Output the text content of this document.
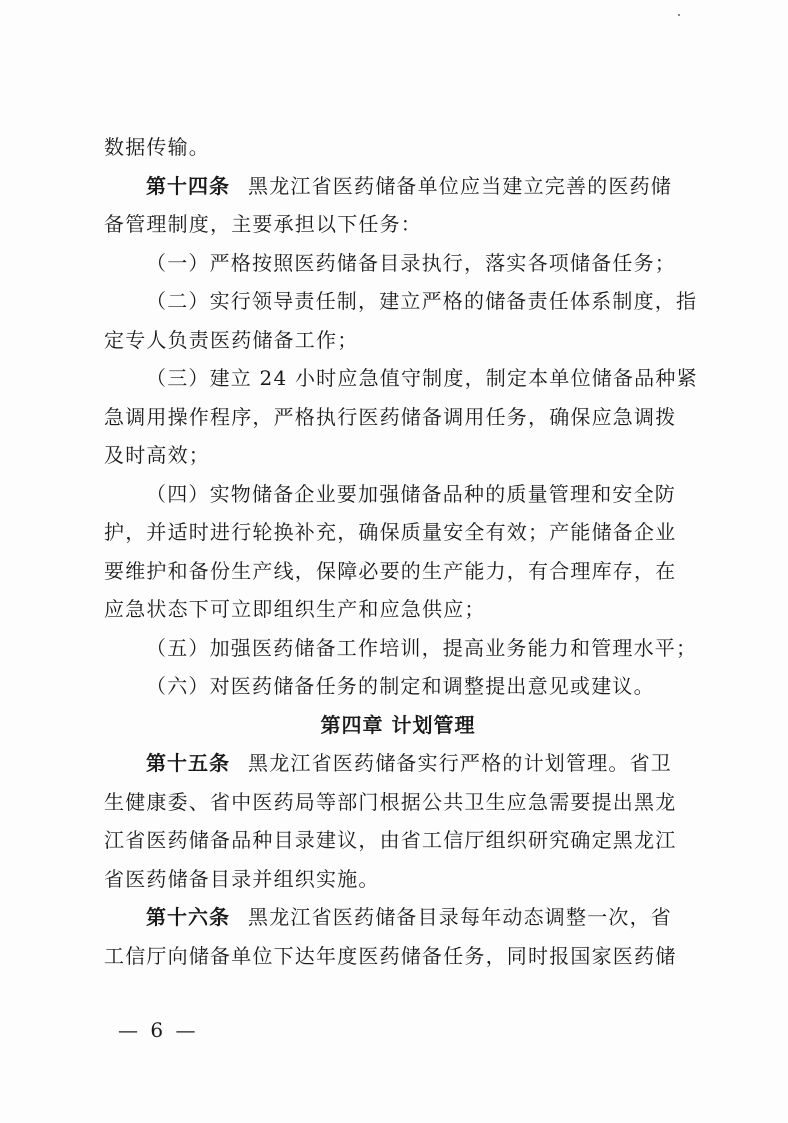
数据传输。
第十四条 黑龙江省医药储备单位应当建立完善的医药储
备管理制度，主要承担以下任务：
（一）严格按照医药储备目录执行，落实各项储备任务；
（二）实行领导责任制，建立严格的储备责任体系制度，指
定专人负责医药储备工作；
（三）建立 24 小时应急值守制度，制定本单位储备品种紧
急调用操作程序，严格执行医药储备调用任务，确保应急调拨
及时高效；
（四）实物储备企业要加强储备品种的质量管理和安全防
护，并适时进行轮换补充，确保质量安全有效；产能储备企业
要维护和备份生产线，保障必要的生产能力，有合理库存，在
应急状态下可立即组织生产和应急供应；
（五）加强医药储备工作培训，提高业务能力和管理水平；
（六）对医药储备任务的制定和调整提出意见或建议。
第四章 计划管理
第十五条 黑龙江省医药储备实行严格的计划管理。省卫
生健康委、省中医药局等部门根据公共卫生应急需要提出黑龙
江省医药储备品种目录建议，由省工信厅组织研究确定黑龙江
省医药储备目录并组织实施。
第十六条 黑龙江省医药储备目录每年动态调整一次，省
工信厅向储备单位下达年度医药储备任务，同时报国家医药储
— 6 —
